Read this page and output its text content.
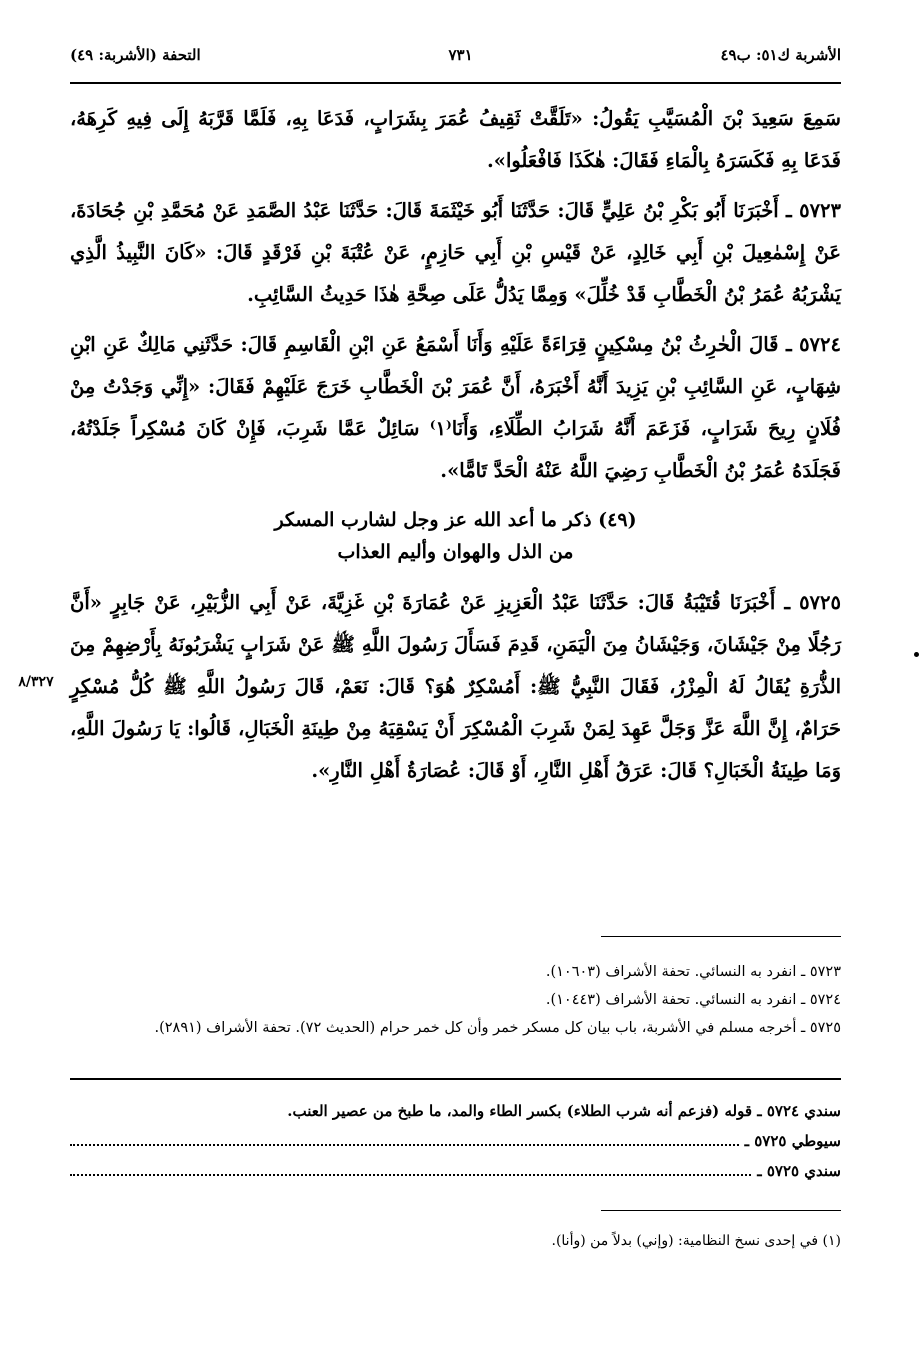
الأشربة ك٥١: ب٤٩
٧٣١
التحفة (الأشربة: ٤٩)
٨/٣٢٧

سَمِعَ سَعِيدَ بْنَ الْمُسَيَّبِ يَقُولُ: «تَلَقَّتْ ثَقِيفُ عُمَرَ بِشَرَابٍ، فَدَعَا بِهِ، فَلَمَّا قَرَّبَهُ إِلَى فِيهِ كَرِهَهُ، فَدَعَا بِهِ فَكَسَرَهُ بِالْمَاءِ فَقَالَ: هٰكَذَا فَافْعَلُوا».

٥٧٢٣ ـ أَخْبَرَنَا أَبُو بَكْرِ بْنُ عَلِيٍّ قَالَ: حَدَّثَنَا أَبُو خَيْثَمَةَ قَالَ: حَدَّثَنَا عَبْدُ الصَّمَدِ عَنْ مُحَمَّدِ بْنِ جُحَادَةَ، عَنْ إِسْمٰعِيلَ بْنِ أَبِي خَالِدٍ، عَنْ قَيْسِ بْنِ أَبِي حَازِمٍ، عَنْ عُتْبَةَ بْنِ فَرْقَدٍ قَالَ: «كَانَ النَّبِيذُ الَّذِي يَشْرَبُهُ عُمَرُ بْنُ الْخَطَّابِ قَدْ خُلِّلَ» وَمِمَّا يَدُلُّ عَلَى صِحَّةِ هٰذَا حَدِيثُ السَّائِبِ.

٥٧٢٤ ـ قَالَ الْحٰرِثُ بْنُ مِسْكِينٍ قِرَاءَةً عَلَيْهِ وَأَنَا أَسْمَعُ عَنِ ابْنِ الْقَاسِمِ قَالَ: حَدَّثَنِي مَالِكٌ عَنِ ابْنِ شِهَابٍ، عَنِ السَّائِبِ بْنِ يَزِيدَ أَنَّهُ أَخْبَرَهُ، أَنَّ عُمَرَ بْنَ الْخَطَّابِ خَرَجَ عَلَيْهِمْ فَقَالَ: «إِنِّي وَجَدْتُ مِنْ فُلَانٍ رِيحَ شَرَابٍ، فَزَعَمَ أَنَّهُ شَرَابُ الطِّلَاءِ، وَأَنَا⁽١⁾ سَائِلٌ عَمَّا شَرِبَ، فَإِنْ كَانَ مُسْكِراً جَلَدْتُهُ، فَجَلَدَهُ عُمَرُ بْنُ الْخَطَّابِ رَضِيَ اللَّهُ عَنْهُ الْحَدَّ تَامًّا».

(٤٩) ذكر ما أعد الله عز وجل لشارب المسكر
من الذل والهوان وأليم العذاب

٥٧٢٥ ـ أَخْبَرَنَا قُتَيْبَةُ قَالَ: حَدَّثَنَا عَبْدُ الْعَزِيزِ عَنْ عُمَارَةَ بْنِ غَزِيَّةَ، عَنْ أَبِي الزُّبَيْرِ، عَنْ جَابِرٍ «أَنَّ رَجُلًا مِنْ جَيْشَانَ، وَجَيْشَانُ مِنَ الْيَمَنِ، قَدِمَ فَسَأَلَ رَسُولَ اللَّهِ ﷺ عَنْ شَرَابٍ يَشْرَبُونَهُ بِأَرْضِهِمْ مِنَ الذُّرَةِ يُقَالُ لَهُ الْمِزْرُ، فَقَالَ النَّبِيُّ ﷺ: أَمُسْكِرٌ هُوَ؟ قَالَ: نَعَمْ، قَالَ رَسُولُ اللَّهِ ﷺ كُلُّ مُسْكِرٍ حَرَامٌ، إِنَّ اللَّهَ عَزَّ وَجَلَّ عَهِدَ لِمَنْ شَرِبَ الْمُسْكِرَ أَنْ يَسْقِيَهُ مِنْ طِينَةِ الْخَبَالِ، قَالُوا: يَا رَسُولَ اللَّهِ، وَمَا طِينَةُ الْخَبَالِ؟ قَالَ: عَرَقُ أَهْلِ النَّارِ، أَوْ قَالَ: عُصَارَةُ أَهْلِ النَّارِ».

٥٧٢٣ ـ انفرد به النسائي. تحفة الأشراف (١٠٦٠٣).

٥٧٢٤ ـ انفرد به النسائي. تحفة الأشراف (١٠٤٤٣).

٥٧٢٥ ـ أخرجه مسلم في الأشربة، باب بيان كل مسكر خمر وأن كل خمر حرام (الحديث ٧٢). تحفة الأشراف (٢٨٩١).

سندي ٥٧٢٤ ـ قوله (فزعم أنه شرب الطلاء) بكسر الطاء والمد، ما طبخ من عصير العنب.

سيوطي ٥٧٢٥ ـ

سندي ٥٧٢٥ ـ

(١) في إحدى نسخ النظامية: (وإني) بدلاً من (وأنا).
